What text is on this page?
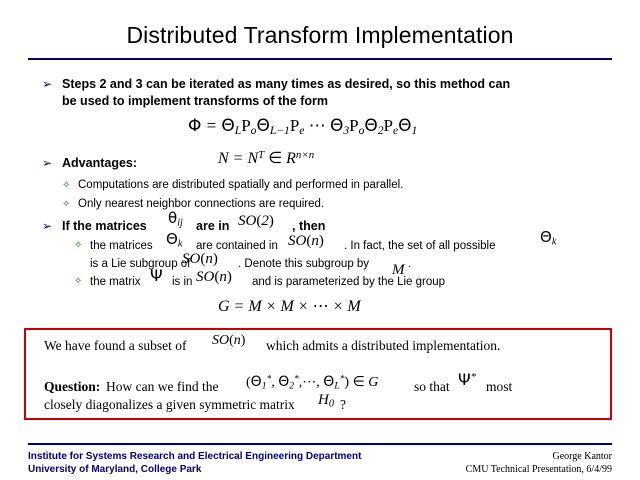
Distributed Transform Implementation
➢ Steps 2 and 3 can be iterated as many times as desired, so this method can
be used to implement transforms of the form
$\Phi = \Theta_LP_o\Theta_{L-1}P_e$ ⋯ $\Theta_3P_o\Theta_2P_e\Theta_1$
➢ Advantages:	$N = N^T$ ∈ $R^{n\times n}$
✧ Computations are distributed spatially and performed in parallel.
✧ Only nearest neighbor connections are required.
➢ If the matrices $\theta_{ij}$ are in SO(2) , then
✧ the matrices $\Theta_k$ are contained in SO(n) . In fact, the set of all possible	$\Theta_k$
is a Lie subgroup of
SO(n) . Denote this subgroup by M .
✧ the matrix Ψ is in SO(n) and is parameterized by the Lie group
G = M × M × ⋯ × M
We have found a subset of SO(n) which admits a distributed implementation.
Question: How can we find the ($\Theta_1^*$, $\Theta_2^*,\cdots$, $\Theta_L^*$) ∈ G	so that Ψ*
most
closely diagonalizes a given symmetric matrix $H_0$ ?
Institute for Systems Research and Electrical Engineering Department
University of Maryland, College Park
George Kantor
CMU Technical Presentation, 6/4/99
